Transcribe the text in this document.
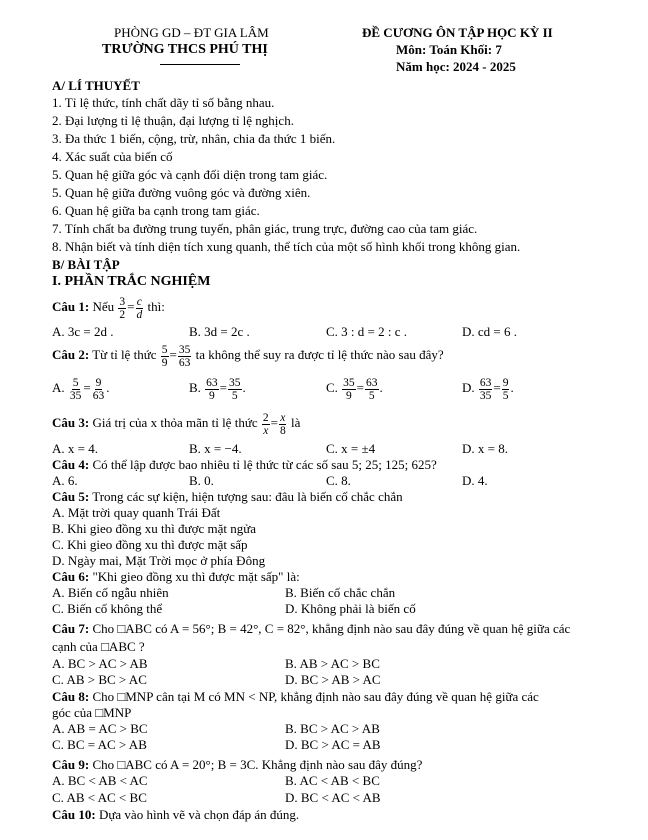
PHÒNG GD – ĐT GIA LÂM
TRƯỜNG THCS PHÚ THỊ
ĐỀ CƯƠNG ÔN TẬP HỌC KỲ II
Môn: Toán Khối: 7
Năm học: 2024 - 2025
A/ LÍ THUYẾT
1. Tỉ lệ thức, tính chất dãy tỉ số bằng nhau.
2. Đại lượng tỉ lệ thuận, đại lượng tỉ lệ nghịch.
3. Đa thức 1 biến, cộng, trừ, nhân, chia đa thức 1 biến.
4. Xác suất của biến cố
5. Quan hệ giữa góc và cạnh đối diện trong tam giác.
5. Quan hệ giữa đường vuông góc và đường xiên.
6. Quan hệ giữa ba cạnh trong tam giác.
7. Tính chất ba đường trung tuyến, phân giác, trung trực, đường cao của tam giác.
8. Nhận biết và tính diện tích xung quanh, thể tích của một số hình khối trong không gian.
B/ BÀI TẬP
I. PHẦN TRẮC NGHIỆM
Câu 1: Nếu $\frac{3}{2} = \frac{c}{d}$ thì:
A. 3c = 2d .	B. 3d = 2c .	C. 3 : d = 2 : c .	D. cd = 6 .
Câu 2: Từ tỉ lệ thức $\frac{5}{9} = \frac{35}{63}$ ta không thể suy ra được tỉ lệ thức nào sau đây?
A. $\frac{5}{35} = \frac{9}{63}$ .	B. $\frac{63}{9} = \frac{35}{5}$ .	C. $\frac{35}{9} = \frac{63}{5}$ .	D. $\frac{63}{35} = \frac{9}{5}$ .
Câu 3: Giá trị của x thỏa mãn tỉ lệ thức $\frac{2}{x} = \frac{x}{8}$ là
A. x = 4.	B. x = −4.	C. x = ±4	D. x = 8.
Câu 4: Có thể lập được bao nhiêu tỉ lệ thức từ các số sau 5; 25; 125; 625?
A. 6.	B. 0.	C. 8.	D. 4.
Câu 5: Trong các sự kiện, hiện tượng sau: đâu là biến cố chắc chắn
A. Mặt trời quay quanh Trái Đất
B. Khi gieo đồng xu thì được mặt ngửa
C. Khi gieo đồng xu thì được mặt sấp
D. Ngày mai, Mặt Trời mọc ở phía Đông
Câu 6: "Khi gieo đồng xu thì được mặt sấp" là:
A. Biến cố ngẫu nhiên	B. Biến cố chắc chắn
C. Biến cố không thể	D. Không phải là biến cố
Câu 7: Cho □ABC có A = 56°; B = 42°, C = 82°, khẳng định nào sau đây đúng về quan hệ giữa các
cạnh của □ABC ?
A. BC > AC > AB	B. AB > AC > BC
C. AB > BC > AC	D. BC > AB > AC
Câu 8: Cho □MNP cân tại M có MN < NP, khẳng định nào sau đây đúng về quan hệ giữa các
góc của □MNP
A. AB = AC > BC	B. BC > AC > AB
C. BC = AC > AB	D. BC > AC = AB
Câu 9: Cho □ABC có A = 20°; B = 3C. Khẳng định nào sau đây đúng?
A. BC < AB < AC	B. AC < AB < BC
C. AB < AC < BC	D. BC < AC < AB
Câu 10: Dựa vào hình vẽ và chọn đáp án đúng.
